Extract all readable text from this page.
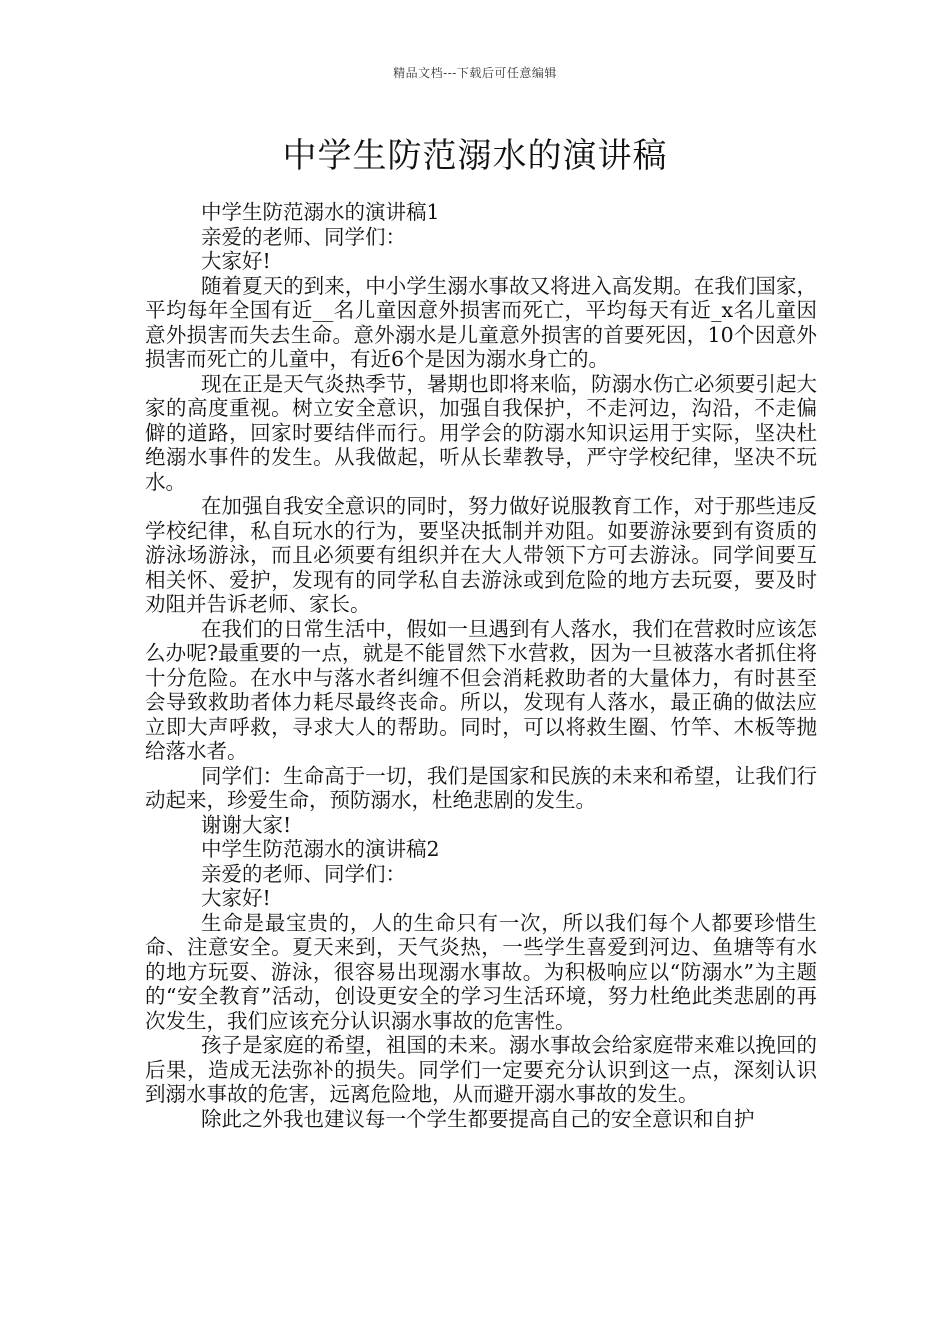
精品文档---下载后可任意编辑
中学生防范溺水的演讲稿

中学生防范溺水的演讲稿1

亲爱的老师、同学们：

大家好!

随着夏天的到来，中小学生溺水事故又将进入高发期。在我们国家，平均每年全国有近__名儿童因意外损害而死亡，平均每天有近_x名儿童因意外损害而失去生命。意外溺水是儿童意外损害的首要死因，10个因意外损害而死亡的儿童中，有近6个是因为溺水身亡的。

现在正是天气炎热季节，暑期也即将来临，防溺水伤亡必须要引起大家的高度重视。树立安全意识，加强自我保护，不走河边，沟沿，不走偏僻的道路，回家时要结伴而行。用学会的防溺水知识运用于实际，坚决杜绝溺水事件的发生。从我做起，听从长辈教导，严守学校纪律，坚决不玩水。

在加强自我安全意识的同时，努力做好说服教育工作，对于那些违反学校纪律，私自玩水的行为，要坚决抵制并劝阻。如要游泳要到有资质的游泳场游泳，而且必须要有组织并在大人带领下方可去游泳。同学间要互相关怀、爱护，发现有的同学私自去游泳或到危险的地方去玩耍，要及时劝阻并告诉老师、家长。

在我们的日常生活中，假如一旦遇到有人落水，我们在营救时应该怎么办呢?最重要的一点，就是不能冒然下水营救，因为一旦被落水者抓住将十分危险。在水中与落水者纠缠不但会消耗救助者的大量体力，有时甚至会导致救助者体力耗尽最终丧命。所以，发现有人落水，最正确的做法应立即大声呼救，寻求大人的帮助。同时，可以将救生圈、竹竿、木板等抛给落水者。

同学们：生命高于一切，我们是国家和民族的未来和希望，让我们行动起来，珍爱生命，预防溺水，杜绝悲剧的发生。

谢谢大家!

中学生防范溺水的演讲稿2

亲爱的老师、同学们：

大家好!

生命是最宝贵的，人的生命只有一次，所以我们每个人都要珍惜生命、注意安全。夏天来到，天气炎热，一些学生喜爱到河边、鱼塘等有水的地方玩耍、游泳，很容易出现溺水事故。为积极响应以“防溺水”为主题的“安全教育”活动，创设更安全的学习生活环境，努力杜绝此类悲剧的再次发生，我们应该充分认识溺水事故的危害性。

孩子是家庭的希望，祖国的未来。溺水事故会给家庭带来难以挽回的后果，造成无法弥补的损失。同学们一定要充分认识到这一点，深刻认识到溺水事故的危害，远离危险地，从而避开溺水事故的发生。

除此之外我也建议每一个学生都要提高自己的安全意识和自护
